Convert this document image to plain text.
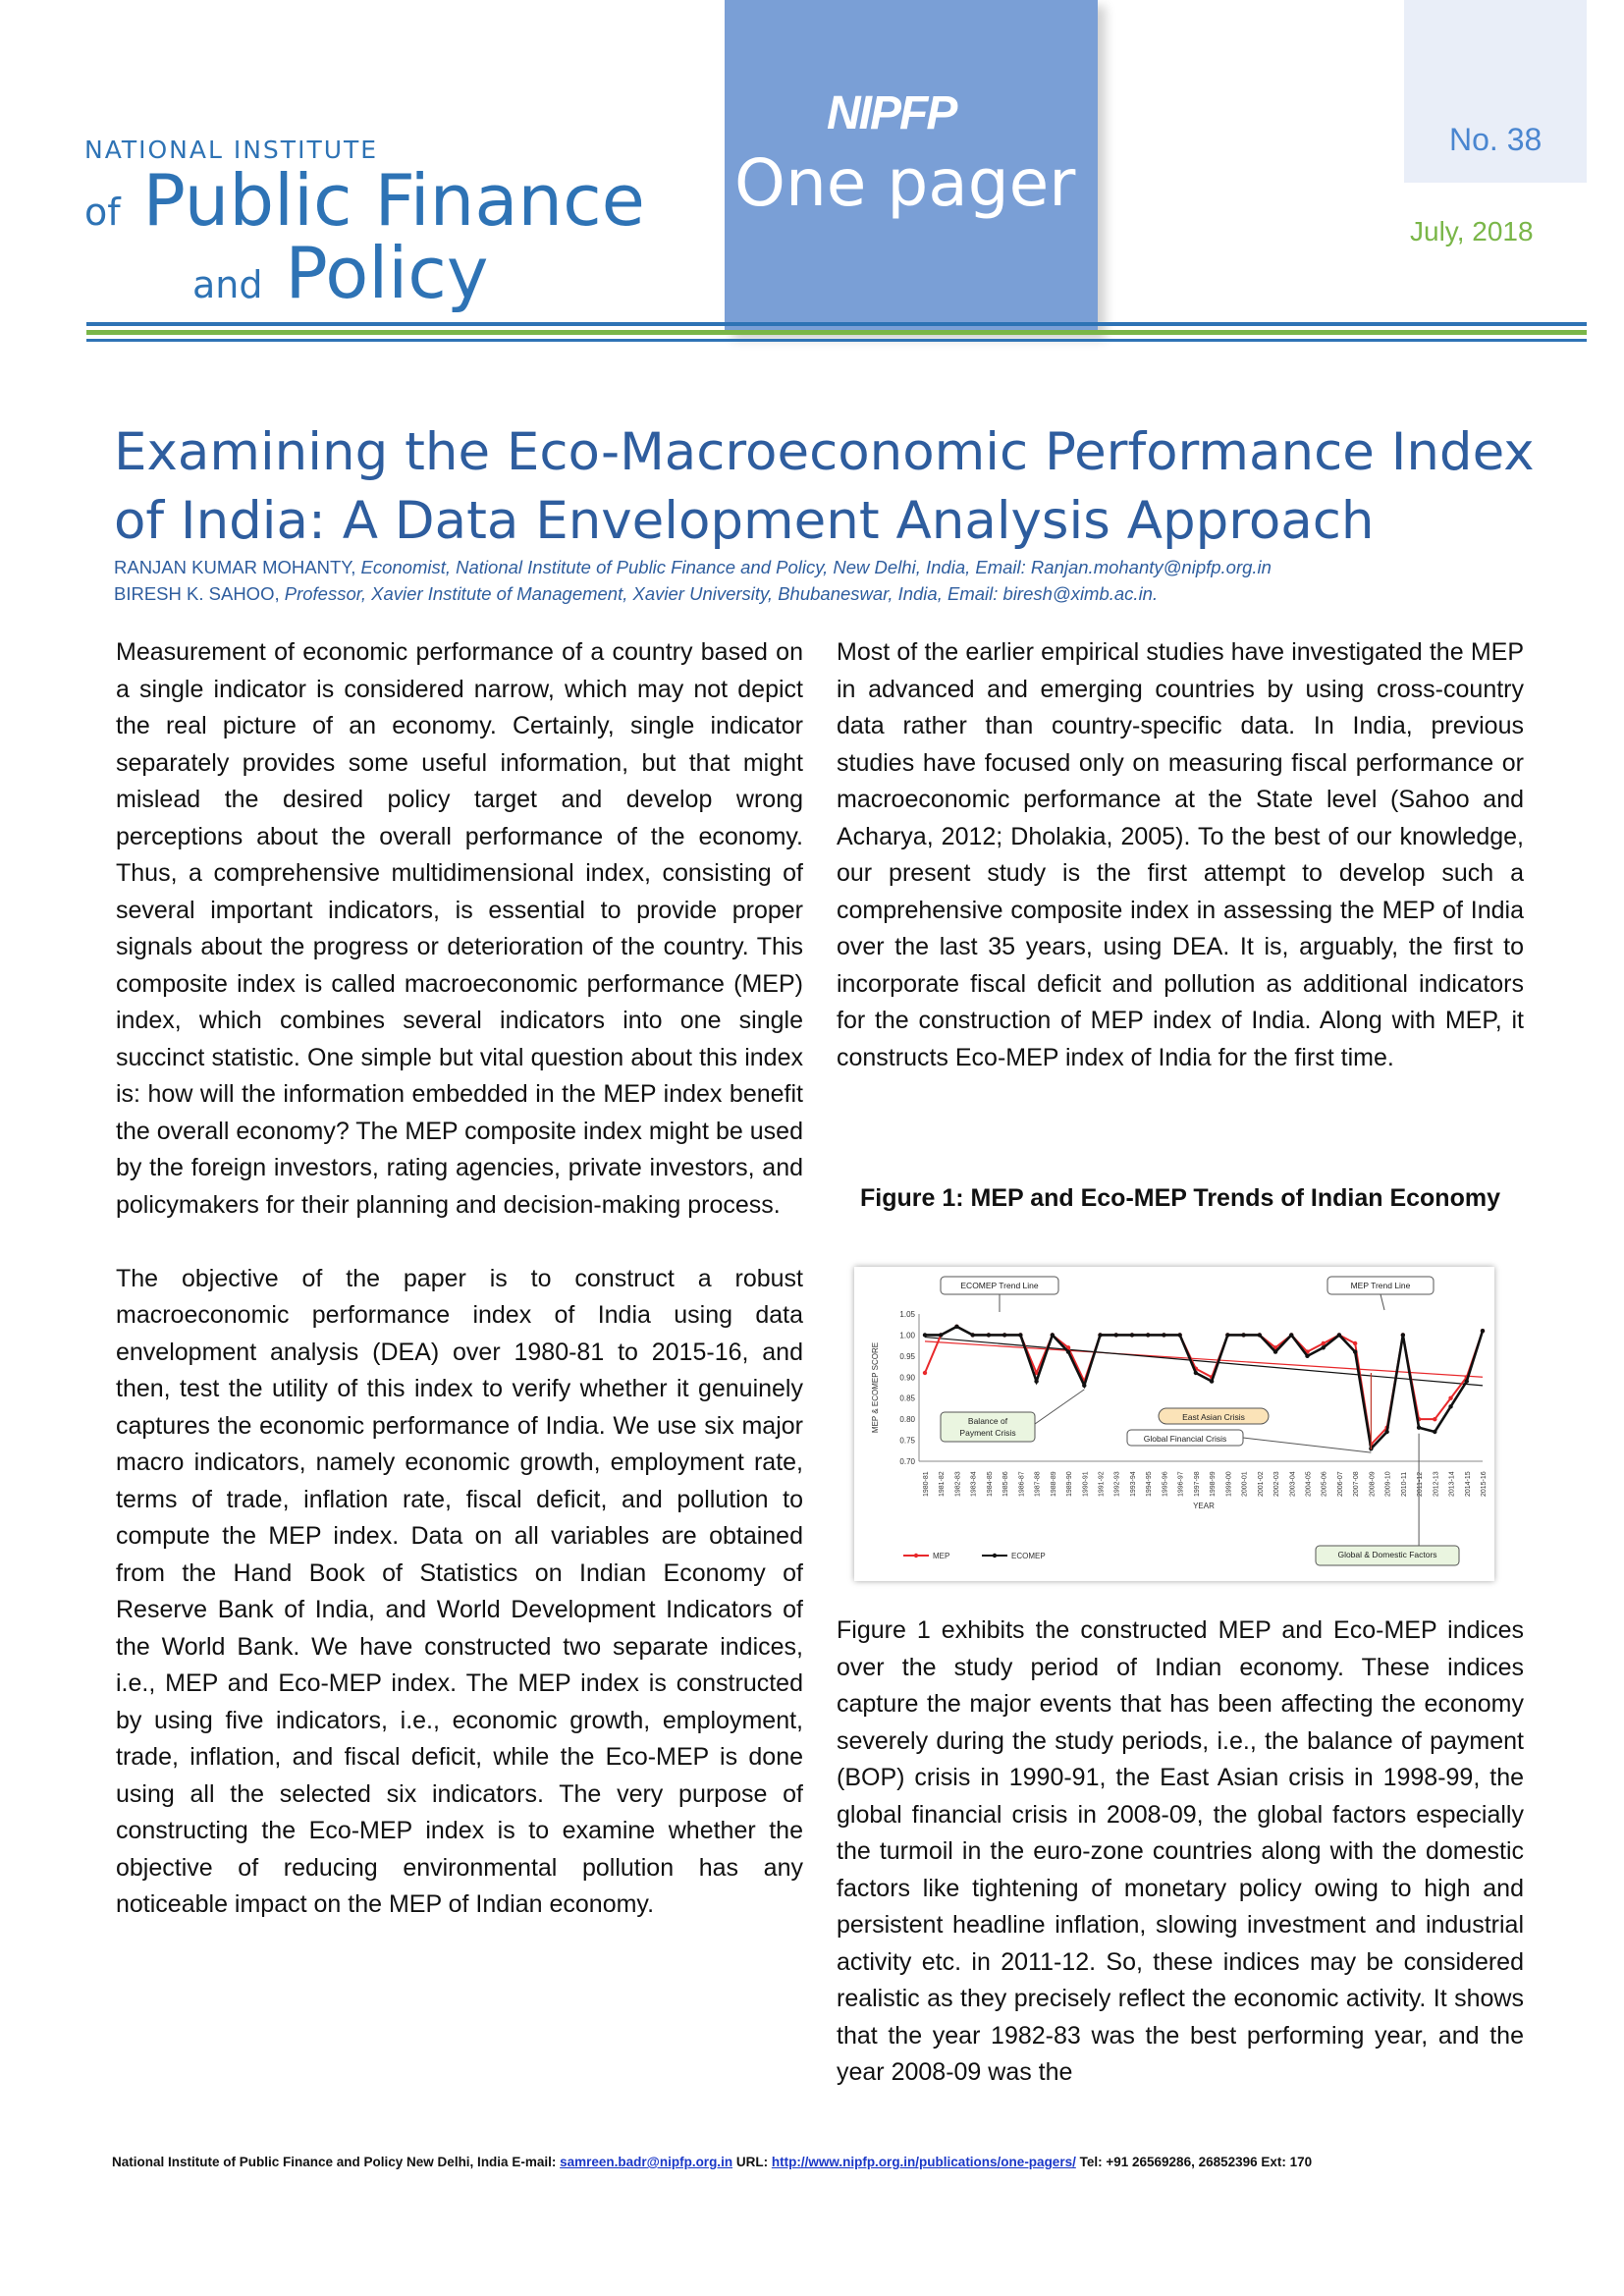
NATIONAL INSTITUTE
of Public Finance
and Policy
NIPFP
One pager
No. 38
July, 2018
Examining the Eco-Macroeconomic Performance Index of India: A Data Envelopment Analysis Approach
RANJAN KUMAR MOHANTY, Economist, National Institute of Public Finance and Policy, New Delhi, India, Email: Ranjan.mohanty@nipfp.org.in
BIRESH K. SAHOO, Professor, Xavier Institute of Management, Xavier University, Bhubaneswar, India, Email: biresh@ximb.ac.in.

Measurement of economic performance of a country based on a single indicator is considered narrow, which may not depict the real picture of an economy. Certainly, single indicator separately provides some useful information, but that might mislead the desired policy target and develop wrong perceptions about the overall performance of the economy. Thus, a comprehensive multidimensional index, consisting of several important indicators, is essential to provide proper signals about the progress or deterioration of the country. This composite index is called macroeconomic performance (MEP) index, which combines several indicators into one single succinct statistic. One simple but vital question about this index is: how will the information embedded in the MEP index benefit the overall economy? The MEP composite index might be used by the foreign investors, rating agencies, private investors, and policymakers for their planning and decision-making process.

The objective of the paper is to construct a robust macroeconomic performance index of India using data envelopment analysis (DEA) over 1980-81 to 2015-16, and then, test the utility of this index to verify whether it genuinely captures the economic performance of India. We use six major macro indicators, namely economic growth, employment rate, terms of trade, inflation rate, fiscal deficit, and pollution to compute the MEP index. Data on all variables are obtained from the Hand Book of Statistics on Indian Economy of Reserve Bank of India, and World Development Indicators of the World Bank. We have constructed two separate indices, i.e., MEP and Eco-MEP index. The MEP index is constructed by using five indicators, i.e., economic growth, employment, trade, inflation, and fiscal deficit, while the Eco-MEP is done using all the selected six indicators. The very purpose of constructing the Eco-MEP index is to examine whether the objective of reducing environmental pollution has any noticeable impact on the MEP of Indian economy.

Most of the earlier empirical studies have investigated the MEP in advanced and emerging countries by using cross-country data rather than country-specific data. In India, previous studies have focused only on measuring fiscal performance or macroeconomic performance at the State level (Sahoo and Acharya, 2012; Dholakia, 2005). To the best of our knowledge, our present study is the first attempt to develop such a comprehensive composite index in assessing the MEP of India over the last 35 years, using DEA. It is, arguably, the first to incorporate fiscal deficit and pollution as additional indicators for the construction of MEP index of India. Along with MEP, it constructs Eco-MEP index of India for the first time.

Figure 1: MEP and Eco-MEP Trends of Indian Economy
1.05
1.00
0.95
0.90
0.85
0.80
0.75
0.70
MEP & ECOMEP SCORE
1980-81 1981-82 1982-83 1983-84 1984-85 1985-86 1986-87 1987-88 1988-89 1989-90 1990-91 1991-92 1992-93 1993-94 1994-95 1995-96 1996-97 1997-98 1998-99 1999-00 2000-01 2001-02 2002-03 2003-04 2004-05 2005-06 2006-07 2007-08 2008-09 2009-10 2010-11 2011-12 2012-13 2013-14 2014-15 2015-16
YEAR
ECOMEP Trend Line	MEP Trend Line
Balance of
Payment Crisis
East Asian Crisis
Global Financial Crisis
Global & Domestic Factors
MEP	ECOMEP

Figure 1 exhibits the constructed MEP and Eco-MEP indices over the study period of Indian economy. These indices capture the major events that has been affecting the economy severely during the study periods, i.e., the balance of payment (BOP) crisis in 1990-91, the East Asian crisis in 1998-99, the global financial crisis in 2008-09, the global factors especially the turmoil in the euro-zone countries along with the domestic factors like tightening of monetary policy owing to high and persistent headline inflation, slowing investment and industrial activity etc. in 2011-12. So, these indices may be considered realistic as they precisely reflect the economic activity. It shows that the year 1982-83 was the best performing year, and the year 2008-09 was the

National Institute of Public Finance and Policy New Delhi, India E-mail: samreen.badr@nipfp.org.in URL: http://www.nipfp.org.in/publications/one-pagers/ Tel: +91 26569286, 26852396 Ext: 170
